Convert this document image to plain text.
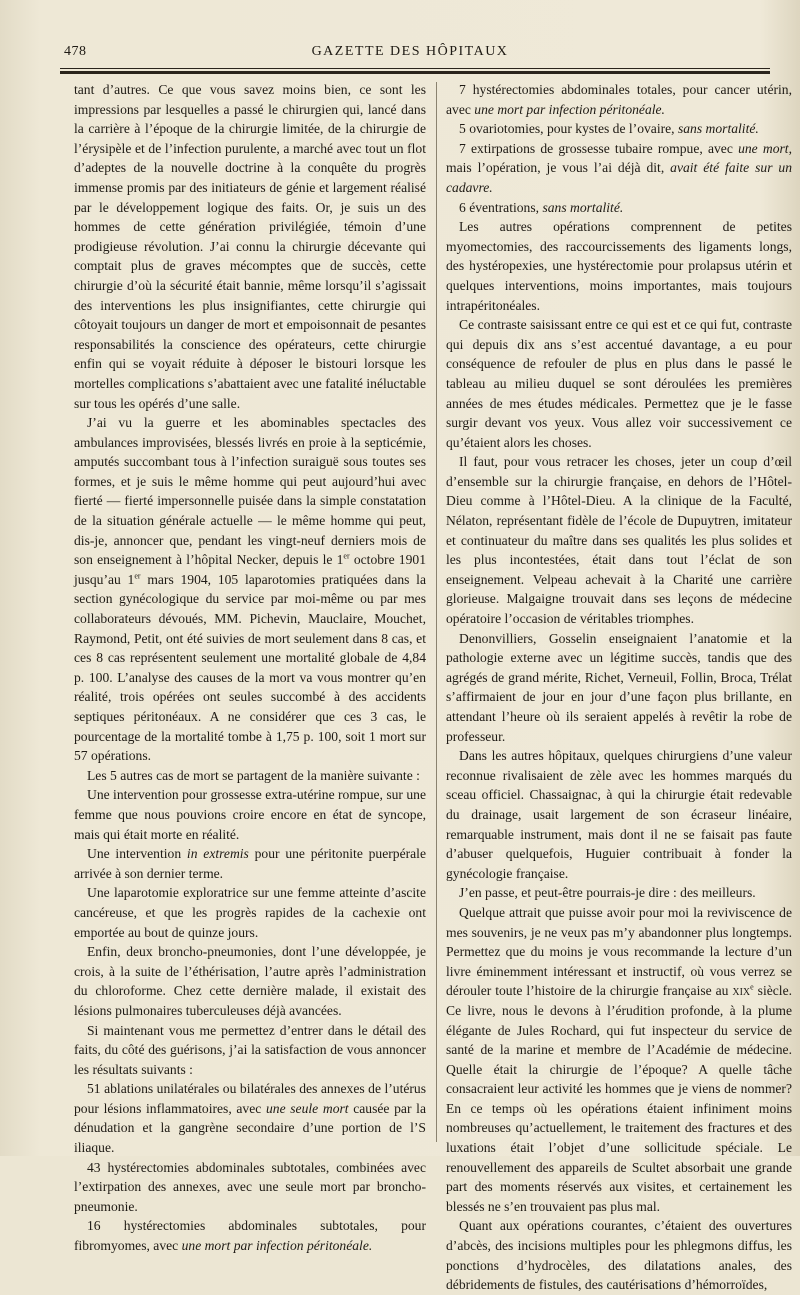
478	GAZETTE DES HÔPITAUX

tant d’autres. Ce que vous savez moins bien, ce sont les impressions par lesquelles a passé le chirurgien qui, lancé dans la carrière à l’époque de la chirurgie limitée, de la chirurgie de l’érysipèle et de l’infection purulente, a marché avec tout un flot d’adeptes de la nouvelle doctrine à la conquête du progrès immense promis par des initiateurs de génie et largement réalisé par le développement logique des faits. Or, je suis un des hommes de cette génération privilégiée, témoin d’une prodigieuse révolution. J’ai connu la chirurgie décevante qui comptait plus de graves mécomptes que de succès, cette chirurgie d’où la sécurité était bannie, même lorsqu’il s’agissait des interventions les plus insignifiantes, cette chirurgie qui côtoyait toujours un danger de mort et empoisonnait de pesantes responsabilités la conscience des opérateurs, cette chirurgie enfin qui se voyait réduite à déposer le bistouri lorsque les mortelles complications s’abattaient avec une fatalité inéluctable sur tous les opérés d’une salle.

J’ai vu la guerre et les abominables spectacles des ambulances improvisées, blessés livrés en proie à la septicémie, amputés succombant tous à l’infection suraiguë sous toutes ses formes, et je suis le même homme qui peut aujourd’hui avec fierté — fierté impersonnelle puisée dans la simple constatation de la situation générale actuelle — le même homme qui peut, dis-je, annoncer que, pendant les vingt-neuf derniers mois de son enseignement à l’hôpital Necker, depuis le 1er octobre 1901 jusqu’au 1er mars 1904, 105 laparotomies pratiquées dans la section gynécologique du service par moi-même ou par mes collaborateurs dévoués, MM. Pichevin, Mauclaire, Mouchet, Raymond, Petit, ont été suivies de mort seulement dans 8 cas, et ces 8 cas représentent seulement une mortalité globale de 4,84 p. 100. L’analyse des causes de la mort va vous montrer qu’en réalité, trois opérées ont seules succombé à des accidents septiques péritonéaux. A ne considérer que ces 3 cas, le pourcentage de la mortalité tombe à 1,75 p. 100, soit 1 mort sur 57 opérations.

Les 5 autres cas de mort se partagent de la manière suivante :

Une intervention pour grossesse extra-utérine rompue, sur une femme que nous pouvions croire encore en état de syncope, mais qui était morte en réalité.

Une intervention in extremis pour une péritonite puerpérale arrivée à son dernier terme.

Une laparotomie exploratrice sur une femme atteinte d’ascite cancéreuse, et que les progrès rapides de la cachexie ont emportée au bout de quinze jours.

Enfin, deux broncho-pneumonies, dont l’une développée, je crois, à la suite de l’éthérisation, l’autre après l’administration du chloroforme. Chez cette dernière malade, il existait des lésions pulmonaires tuberculeuses déjà avancées.

Si maintenant vous me permettez d’entrer dans le détail des faits, du côté des guérisons, j’ai la satisfaction de vous annoncer les résultats suivants :

51 ablations unilatérales ou bilatérales des annexes de l’utérus pour lésions inflammatoires, avec une seule mort causée par la dénudation et la gangrène secondaire d’une portion de l’S iliaque.

43 hystérectomies abdominales subtotales, combinées avec l’extirpation des annexes, avec une seule mort par broncho-pneumonie.

16 hystérectomies abdominales subtotales, pour fibromyomes, avec une mort par infection péritonéale.

7 hystérectomies abdominales totales, pour cancer utérin, avec une mort par infection péritonéale.

5 ovariotomies, pour kystes de l’ovaire, sans mortalité.

7 extirpations de grossesse tubaire rompue, avec une mort, mais l’opération, je vous l’ai déjà dit, avait été faite sur un cadavre.

6 éventrations, sans mortalité.

Les autres opérations comprennent de petites myomectomies, des raccourcissements des ligaments longs, des hystéropexies, une hystérectomie pour prolapsus utérin et quelques interventions, moins importantes, mais toujours intrapéritonéales.

Ce contraste saisissant entre ce qui est et ce qui fut, contraste qui depuis dix ans s’est accentué davantage, a eu pour conséquence de refouler de plus en plus dans le passé le tableau au milieu duquel se sont déroulées les premières années de mes études médicales. Permettez que je le fasse surgir devant vos yeux. Vous allez voir successivement ce qu’étaient alors les choses.

Il faut, pour vous retracer les choses, jeter un coup d’œil d’ensemble sur la chirurgie française, en dehors de l’Hôtel-Dieu comme à l’Hôtel-Dieu. A la clinique de la Faculté, Nélaton, représentant fidèle de l’école de Dupuytren, imitateur et continuateur du maître dans ses qualités les plus solides et les plus incontestées, était dans tout l’éclat de son enseignement. Velpeau achevait à la Charité une carrière glorieuse. Malgaigne trouvait dans ses leçons de médecine opératoire l’occasion de véritables triomphes.

Denonvilliers, Gosselin enseignaient l’anatomie et la pathologie externe avec un légitime succès, tandis que des agrégés de grand mérite, Richet, Verneuil, Follin, Broca, Trélat s’affirmaient de jour en jour d’une façon plus brillante, en attendant l’heure où ils seraient appelés à revêtir la robe de professeur.

Dans les autres hôpitaux, quelques chirurgiens d’une valeur reconnue rivalisaient de zèle avec les hommes marqués du sceau officiel. Chassaignac, à qui la chirurgie était redevable du drainage, usait largement de son écraseur linéaire, remarquable instrument, mais dont il ne se faisait pas faute d’abuser quelquefois, Huguier contribuait à fonder la gynécologie française.

J’en passe, et peut-être pourrais-je dire : des meilleurs.

Quelque attrait que puisse avoir pour moi la reviviscence de mes souvenirs, je ne veux pas m’y abandonner plus longtemps. Permettez que du moins je vous recommande la lecture d’un livre éminemment intéressant et instructif, où vous verrez se dérouler toute l’histoire de la chirurgie française au xix$^e$ siècle. Ce livre, nous le devons à l’érudition profonde, à la plume élégante de Jules Rochard, qui fut inspecteur du service de santé de la marine et membre de l’Académie de médecine. Quelle était la chirurgie de l’époque? A quelle tâche consacraient leur activité les hommes que je viens de nommer? En ce temps où les opérations étaient infiniment moins nombreuses qu’actuellement, le traitement des fractures et des luxations était l’objet d’une sollicitude spéciale. Le renouvellement des appareils de Scultet absorbait une grande part des moments réservés aux visites, et certainement les blessés ne s’en trouvaient pas plus mal.

Quant aux opérations courantes, c’étaient des ouvertures d’abcès, des incisions multiples pour les phlegmons diffus, les ponctions d’hydrocèles, des dilatations anales, des débridements de fistules, des cautérisations d’hémorroïdes,
